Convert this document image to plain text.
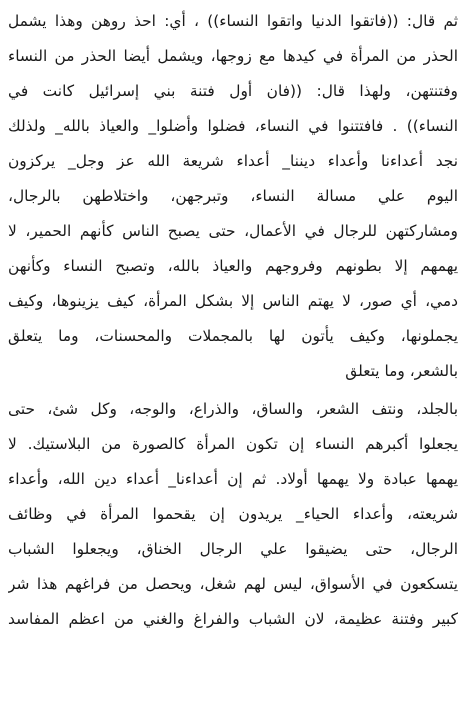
ثم قال: ((فاتقوا الدنيا واتقوا النساء)) ، أي: احذ روهن وهذا يشمل
الحذر من المرأة في كيدها مع زوجها، ويشمل أيضا الحذر من النساء
وفتنتهن، ولهذا قال: ((فان أول فتنة بني إسرائيل كانت في
النساء)) . فافتتنوا في النساء، فضلوا وأضلوا_ والعياذ بالله_ ولذلك
نجد أعداءنا وأعداء ديننا_ أعداء شريعة الله عز وجل_ يركزون
اليوم علي مسالة النساء، وتبرجهن، واختلاطهن بالرجال،
ومشاركتهن للرجال في الأعمال، حتى يصبح الناس كأنهم الحمير، لا
يهمهم إلا بطونهم وفروجهم والعياذ بالله، وتصبح النساء وكأنهن
دمي، أي صور، لا يهتم الناس إلا بشكل المرأة، كيف يزينوها، وكيف
يجملونها، وكيف يأتون لها بالمجملات والمحسنات، وما يتعلق
بالشعر، وما يتعلق
بالجلد، ونتف الشعر، والساق، والذراع، والوجه، وكل شئ، حتى
يجعلوا أكبرهم النساء إن تكون المرأة كالصورة من البلاستيك. لا
يهمها عبادة ولا يهمها أولاد. ثم إن أعداءنا_ أعداء دين الله، وأعداء
شريعته، وأعداء الحياء_ يريدون إن يقحموا المرأة في وظائف
الرجال، حتى يضيقوا علي الرجال الخناق، ويجعلوا الشباب
يتسكعون في الأسواق، ليس لهم شغل، ويحصل من فراغهم هذا شر
كبير وفتنة عظيمة، لان الشباب والفراغ والغني من اعظم المفاسد
